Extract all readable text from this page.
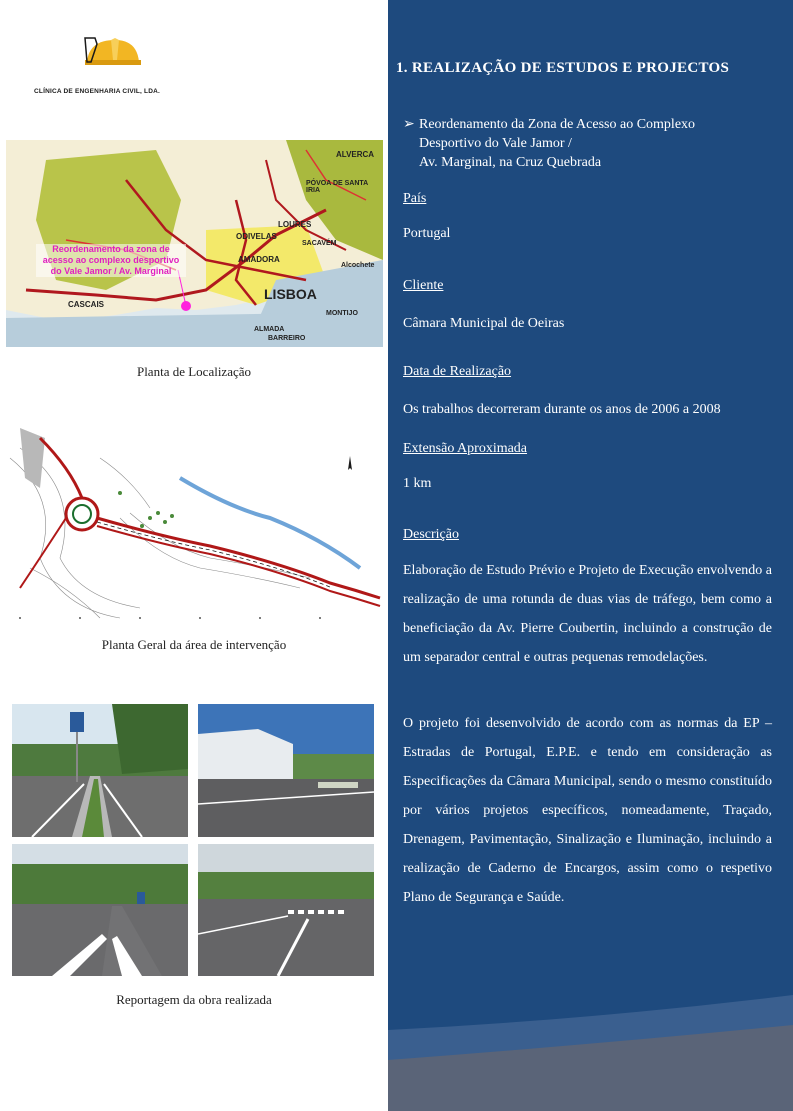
CLÍNICA DE ENGENHARIA CIVIL, LDA.
Reordenamento da zona de acesso ao complexo desportivo do Vale Jamor / Av. Marginal
LISBOA
ODIVELAS
LOURES
SACAVÉM
AMADORA
ALVERCA
CASCAIS
ALMADA
BARREIRO
MONTIJO
Alcochete
PÓVOA DE SANTA IRIA
Planta de Localização
Planta Geral da área de intervenção
Reportagem da obra realizada
1. REALIZAÇÃO DE ESTUDOS E PROJECTOS
➢ Reordenamento da Zona de Acesso ao Complexo
Desportivo do Vale Jamor /
Av. Marginal, na Cruz Quebrada
País
Portugal
Cliente
Câmara Municipal de Oeiras
Data de Realização
Os trabalhos decorreram durante os anos de 2006 a 2008
Extensão Aproximada
1 km
Descrição
Elaboração de Estudo Prévio e Projeto de Execução envolvendo a realização de uma rotunda de duas vias de tráfego, bem como a beneficiação da Av. Pierre Coubertin, incluindo a construção de um separador central e outras pequenas remodelações.
O projeto foi desenvolvido de acordo com as normas da EP – Estradas de Portugal, E.P.E. e tendo em consideração as Especificações da Câmara Municipal, sendo o mesmo constituído por vários projetos específicos, nomeadamente, Traçado, Drenagem, Pavimentação, Sinalização e Iluminação, incluindo a realização de Caderno de Encargos, assim como o respetivo Plano de Segurança e Saúde.
